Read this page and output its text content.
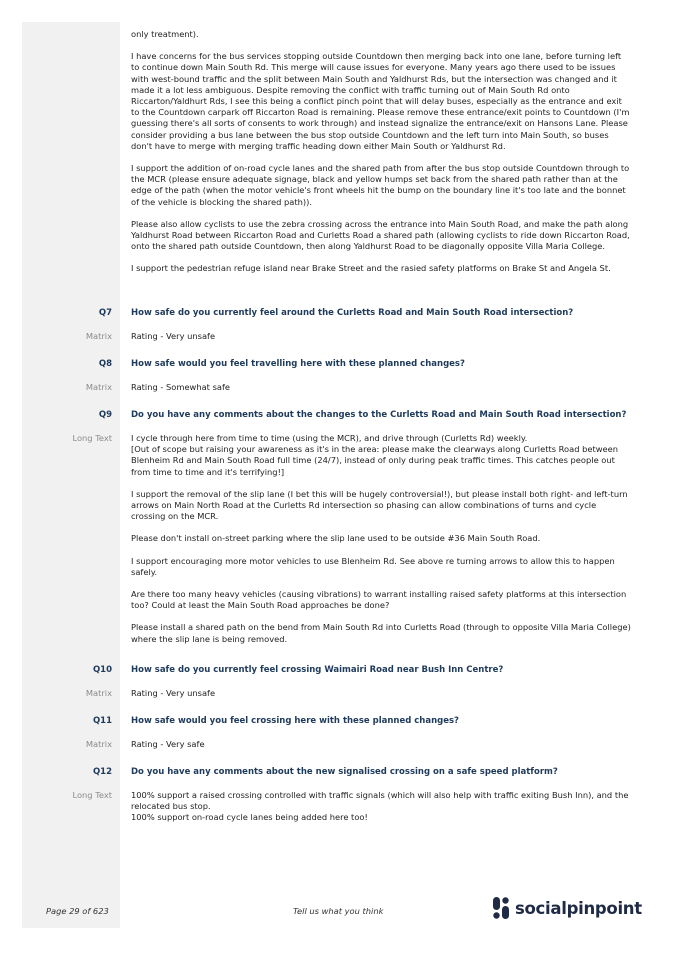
only treatment).

I have concerns for the bus services stopping outside Countdown then merging back into one lane, before turning left to continue down Main South Rd. This merge will cause issues for everyone. Many years ago there used to be issues with west-bound traffic and the split between Main South and Yaldhurst Rds, but the intersection was changed and it made it a lot less ambiguous. Despite removing the conflict with traffic turning out of Main South Rd onto Riccarton/Yaldhurt Rds, I see this being a conflict pinch point that will delay buses, especially as the entrance and exit to the Countdown carpark off Riccarton Road is remaining. Please remove these entrance/exit points to Countdown (I'm guessing there's all sorts of consents to work through) and instead signalize the entrance/exit on Hansons Lane. Please consider providing a bus lane between the bus stop outside Countdown and the left turn into Main South, so buses don't have to merge with merging traffic heading down either Main South or Yaldhurst Rd.

I support the addition of on-road cycle lanes and the shared path from after the bus stop outside Countdown through to the MCR (please ensure adequate signage, black and yellow humps set back from the shared path rather than at the edge of the path (when the motor vehicle's front wheels hit the bump on the boundary line it's too late and the bonnet of the vehicle is blocking the shared path)).

Please also allow cyclists to use the zebra crossing across the entrance into Main South Road, and make the path along Yaldhurst Road between Riccarton Road and Curletts Road a shared path (allowing cyclists to ride down Riccarton Road, onto the shared path outside Countdown, then along Yaldhurst Road to be diagonally opposite Villa Maria College.

I support the pedestrian refuge island near Brake Street and the rasied safety platforms on Brake St and Angela St.

Q7 How safe do you currently feel around the Curletts Road and Main South Road intersection?
Matrix Rating - Very unsafe
Q8 How safe would you feel travelling here with these planned changes?
Matrix Rating - Somewhat safe
Q9 Do you have any comments about the changes to the Curletts Road and Main South Road intersection?
Long Text I cycle through here from time to time (using the MCR), and drive through (Curletts Rd) weekly.
[Out of scope but raising your awareness as it's in the area: please make the clearways along Curletts Road between Blenheim Rd and Main South Road full time (24/7), instead of only during peak traffic times. This catches people out from time to time and it's terrifying!]

I support the removal of the slip lane (I bet this will be hugely controversial!), but please install both right- and left-turn arrows on Main North Road at the Curletts Rd intersection so phasing can allow combinations of turns and cycle crossing on the MCR.

Please don't install on-street parking where the slip lane used to be outside #36 Main South Road.

I support encouraging more motor vehicles to use Blenheim Rd. See above re turning arrows to allow this to happen safely.

Are there too many heavy vehicles (causing vibrations) to warrant installing raised safety platforms at this intersection too? Could at least the Main South Road approaches be done?

Please install a shared path on the bend from Main South Rd into Curletts Road (through to opposite Villa Maria College) where the slip lane is being removed.

Q10 How safe do you currently feel crossing Waimairi Road near Bush Inn Centre?
Matrix Rating - Very unsafe
Q11 How safe would you feel crossing here with these planned changes?
Matrix Rating - Very safe
Q12 Do you have any comments about the new signalised crossing on a safe speed platform?
Long Text 100% support a raised crossing controlled with traffic signals (which will also help with traffic exiting Bush Inn), and the relocated bus stop.
100% support on-road cycle lanes being added here too!
Page 29 of 623	Tell us what you think	socialpinpoint
